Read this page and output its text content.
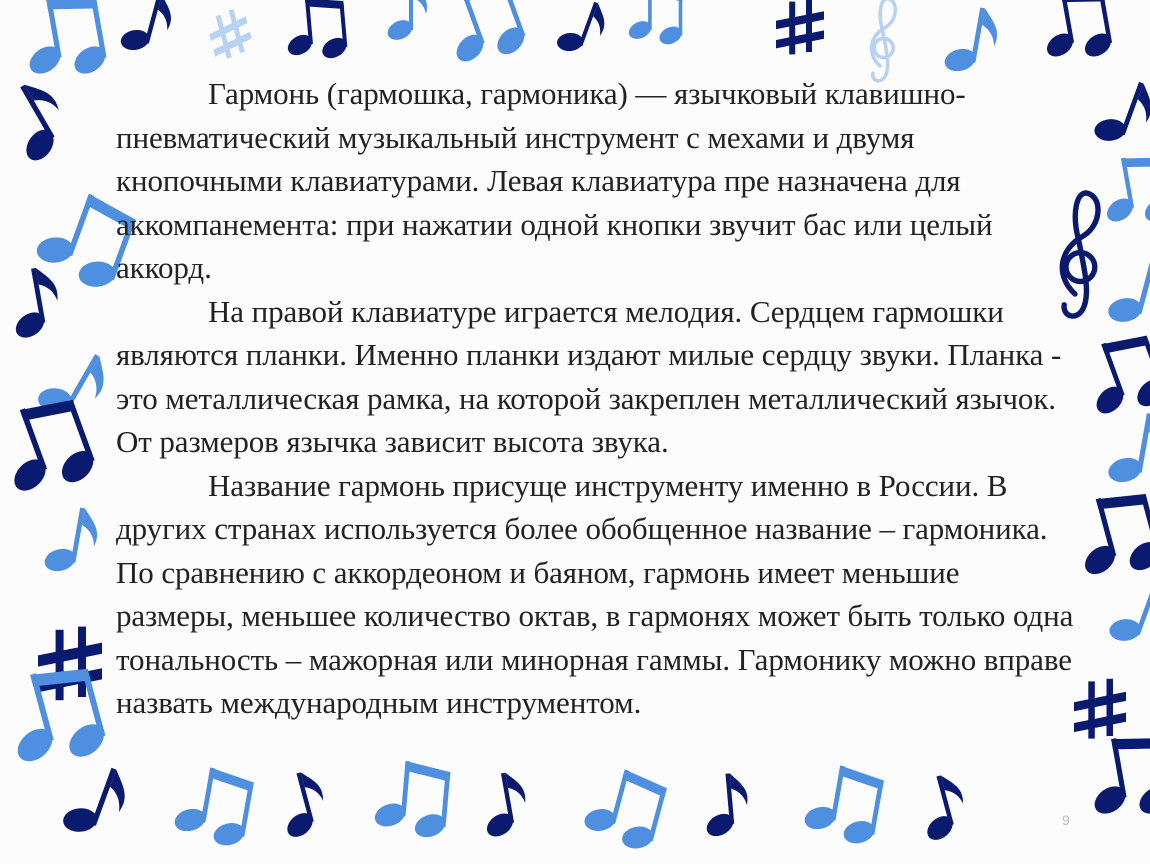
Гармонь (гармошка, гармоника) — язычковый клавишно-пневматический музыкальный инструмент с мехами и двумя кнопочными клавиатурами. Левая клавиатура пре назначена для аккомпанемента: при нажатии одной кнопки звучит бас или целый аккорд.

На правой клавиатуре играется мелодия. Сердцем гармошки являются планки. Именно планки издают милые сердцу звуки. Планка - это металлическая рамка, на которой закреплен металлический язычок. От размеров язычка зависит высота звука.

Название гармонь присуще инструменту именно в России. В других странах используется более обобщенное название – гармоника. По сравнению с аккордеоном и баяном, гармонь имеет меньшие размеры, меньшее количество октав, в гармонях может быть только одна тональность – мажорная или минорная гаммы. Гармонику можно вправе назвать международным инструментом.

9
